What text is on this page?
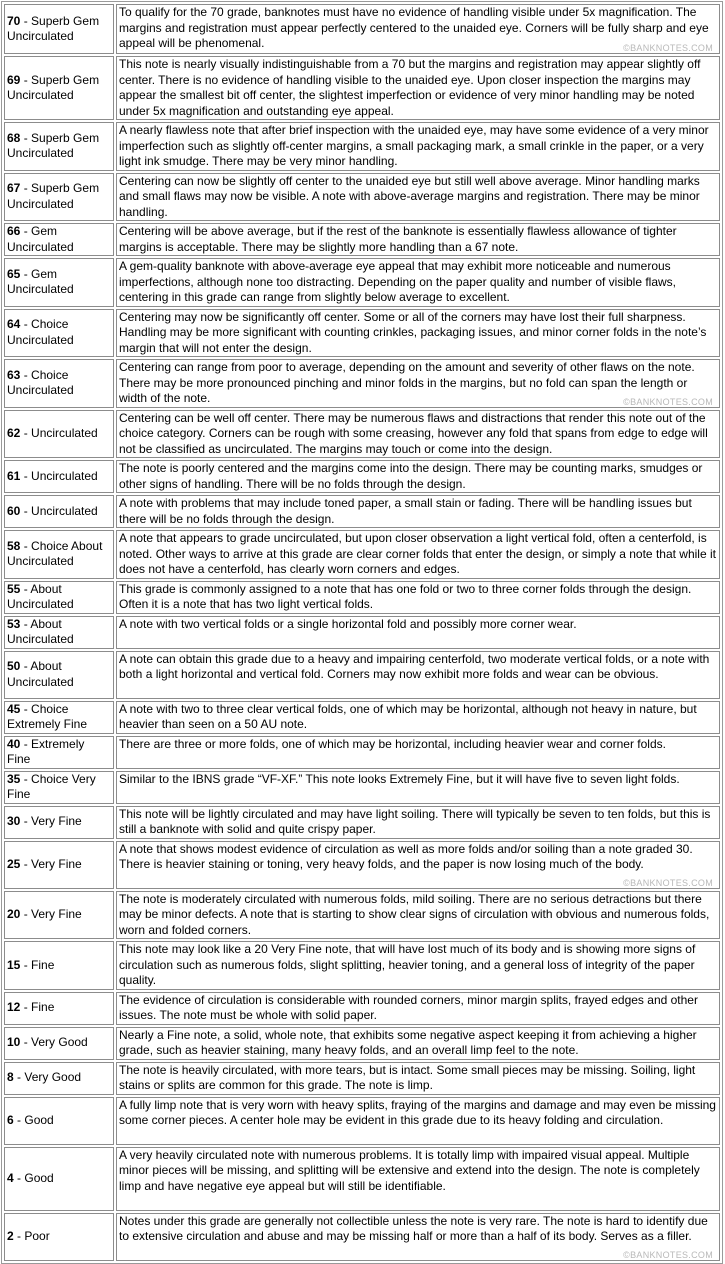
70 - Superb Gem Uncirculated	To qualify for the 70 grade, banknotes must have no evidence of handling visible under 5x magnification. The margins and registration must appear perfectly centered to the unaided eye. Corners will be fully sharp and eye appeal will be phenomenal. ©BANKNOTES.COM

69 - Superb Gem Uncirculated	This note is nearly visually indistinguishable from a 70 but the margins and registration may appear slightly off center. There is no evidence of handling visible to the unaided eye. Upon closer inspection the margins may appear the smallest bit off center, the slightest imperfection or evidence of very minor handling may be noted under 5x magnification and outstanding eye appeal.
68 - Superb Gem Uncirculated	A nearly flawless note that after brief inspection with the unaided eye, may have some evidence of a very minor imperfection such as slightly off-center margins, a small packaging mark, a small crinkle in the paper, or a very light ink smudge. There may be very minor handling.
67 - Superb Gem Uncirculated	Centering can now be slightly off center to the unaided eye but still well above average. Minor handling marks and small flaws may now be visible. A note with above-average margins and registration. There may be minor handling.
66 - Gem Uncirculated	Centering will be above average, but if the rest of the banknote is essentially flawless allowance of tighter margins is acceptable. There may be slightly more handling than a 67 note.
65 - Gem Uncirculated	A gem-quality banknote with above-average eye appeal that may exhibit more noticeable and numerous imperfections, although none too distracting. Depending on the paper quality and number of visible flaws, centering in this grade can range from slightly below average to excellent.
64 - Choice Uncirculated	Centering may now be significantly off center. Some or all of the corners may have lost their full sharpness. Handling may be more significant with counting crinkles, packaging issues, and minor corner folds in the note’s margin that will not enter the design.
63 - Choice Uncirculated	Centering can range from poor to average, depending on the amount and severity of other flaws on the note. There may be more pronounced pinching and minor folds in the margins, but no fold can span the length or width of the note. ©BANKNOTES.COM

62 - Uncirculated	Centering can be well off center. There may be numerous flaws and distractions that render this note out of the choice category. Corners can be rough with some creasing, however any fold that spans from edge to edge will not be classified as uncirculated. The margins may touch or come into the design.
61 - Uncirculated	The note is poorly centered and the margins come into the design. There may be counting marks, smudges or other signs of handling. There will be no folds through the design.
60 - Uncirculated	A note with problems that may include toned paper, a small stain or fading. There will be handling issues but there will be no folds through the design.
58 - Choice About Uncirculated	A note that appears to grade uncirculated, but upon closer observation a light vertical fold, often a centerfold, is noted. Other ways to arrive at this grade are clear corner folds that enter the design, or simply a note that while it does not have a centerfold, has clearly worn corners and edges.
55 - About Uncirculated	This grade is commonly assigned to a note that has one fold or two to three corner folds through the design. Often it is a note that has two light vertical folds.
53 - About Uncirculated	A note with two vertical folds or a single horizontal fold and possibly more corner wear.
50 - About Uncirculated	A note can obtain this grade due to a heavy and impairing centerfold, two moderate vertical folds, or a note with both a light horizontal and vertical fold. Corners may now exhibit more folds and wear can be obvious.
45 - Choice Extremely Fine	A note with two to three clear vertical folds, one of which may be horizontal, although not heavy in nature, but heavier than seen on a 50 AU note.
40 - Extremely Fine	There are three or more folds, one of which may be horizontal, including heavier wear and corner folds.
35 - Choice Very Fine	Similar to the IBNS grade “VF-XF.” This note looks Extremely Fine, but it will have five to seven light folds.
30 - Very Fine	This note will be lightly circulated and may have light soiling. There will typically be seven to ten folds, but this is still a banknote with solid and quite crispy paper.
25 - Very Fine	A note that shows modest evidence of circulation as well as more folds and/or soiling than a note graded 30. There is heavier staining or toning, very heavy folds, and the paper is now losing much of the body.
©BANKNOTES.COM

20 - Very Fine	The note is moderately circulated with numerous folds, mild soiling. There are no serious detractions but there may be minor defects. A note that is starting to show clear signs of circulation with obvious and numerous folds, worn and folded corners.
15 - Fine	This note may look like a 20 Very Fine note, that will have lost much of its body and is showing more signs of circulation such as numerous folds, slight splitting, heavier toning, and a general loss of integrity of the paper quality.
12 - Fine	The evidence of circulation is considerable with rounded corners, minor margin splits, frayed edges and other issues. The note must be whole with solid paper.
10 - Very Good	Nearly a Fine note, a solid, whole note, that exhibits some negative aspect keeping it from achieving a higher grade, such as heavier staining, many heavy folds, and an overall limp feel to the note.
8 - Very Good	The note is heavily circulated, with more tears, but is intact. Some small pieces may be missing. Soiling, light stains or splits are common for this grade. The note is limp.
6 - Good	A fully limp note that is very worn with heavy splits, fraying of the margins and damage and may even be missing some corner pieces. A center hole may be evident in this grade due to its heavy folding and circulation.
4 - Good	A very heavily circulated note with numerous problems. It is totally limp with impaired visual appeal. Multiple minor pieces will be missing, and splitting will be extensive and extend into the design. The note is completely limp and have negative eye appeal but will still be identifiable.
2 - Poor	Notes under this grade are generally not collectible unless the note is very rare. The note is hard to identify due to extensive circulation and abuse and may be missing half or more than a half of its body. Serves as a filler.
©BANKNOTES.COM
